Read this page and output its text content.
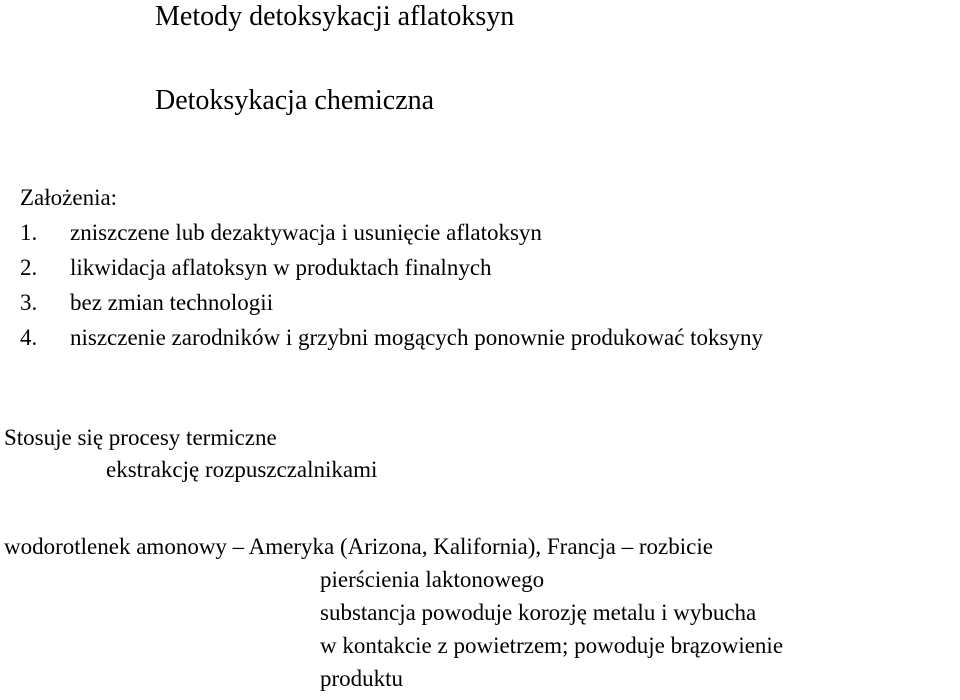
Metody detoksykacji aflatoksyn
Detoksykacja chemiczna
Założenia:
1.	zniszczene lub dezaktywacja i usunięcie aflatoksyn
2.	likwidacja aflatoksyn w produktach finalnych
3.	bez zmian technologii
4.	niszczenie zarodników i grzybni mogących ponownie produkować toksyny
Stosuje się procesy termiczne
ekstrakcję rozpuszczalnikami
wodorotlenek amonowy – Ameryka (Arizona, Kalifornia), Francja – rozbicie
pierścienia laktonowego
substancja powoduje korozję metalu i wybucha
w kontakcie z powietrzem; powoduje brązowienie
produktu
